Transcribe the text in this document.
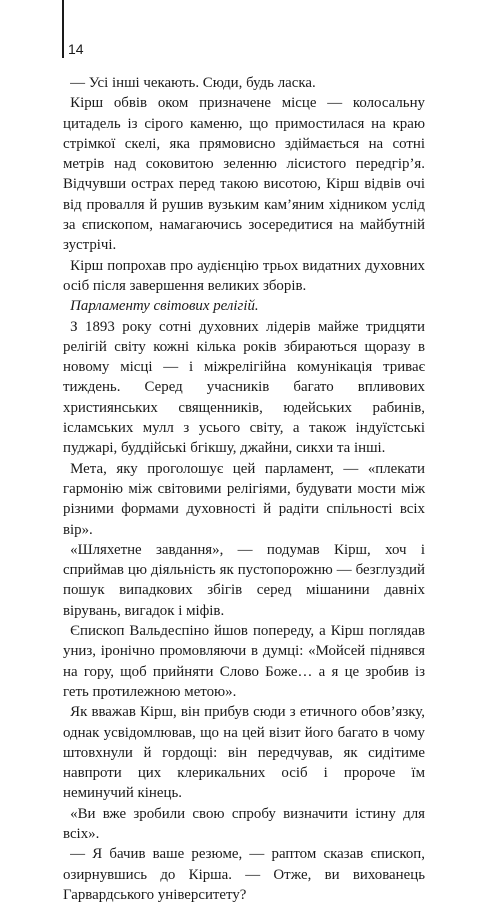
14

— Усі інші чекають. Сюди, будь ласка.

Кірш обвів оком призначене місце — колосальну цитадель із сірого каменю, що примостилася на краю стрімкої скелі, яка прямовисно здіймається на сотні метрів над соковитою зеленню лісистого передгір’я. Відчувши острах перед такою висотою, Кірш відвів очі від провалля й рушив вузьким кам’яним хідником услід за єпископом, намагаючись зосередитися на майбутній зустрічі.

Кірш попрохав про аудієнцію трьох видатних духовних осіб після завершення великих зборів.

Парламенту світових релігій.

З 1893 року сотні духовних лідерів майже тридцяти релігій світу кожні кілька років збираються щоразу в новому місці — і міжрелігійна комунікація триває тиждень. Серед учасників багато впливових християнських священників, юдейських рабинів, ісламських мулл з усього світу, а також індуїстські пуджарі, буддійські бгікшу, джайни, сикхи та інші.

Мета, яку проголошує цей парламент, — «плекати гармонію між світовими релігіями, будувати мости між різними формами духовності й радіти спільності всіх вір».

«Шляхетне завдання», — подумав Кірш, хоч і сприймав цю діяльність як пустопорожню — безглуздий пошук випадкових збігів серед мішанини давніх вірувань, вигадок і міфів.

Єпископ Вальдеспіно йшов попереду, а Кірш поглядав униз, іронічно промовляючи в думці: «Мойсей піднявся на гору, щоб прийняти Слово Боже… а я це зробив із геть протилежною метою».

Як вважав Кірш, він прибув сюди з етичного обов’язку, однак усвідомлював, що на цей візит його багато в чому штовхнули й гордощі: він передчував, як сидітиме навпроти цих клерикальних осіб і пророче їм неминучий кінець.

«Ви вже зробили свою спробу визначити істину для всіх».

— Я бачив ваше резюме, — раптом сказав єпископ, озирнувшись до Кірша. — Отже, ви вихованець Гарвардського університету?
